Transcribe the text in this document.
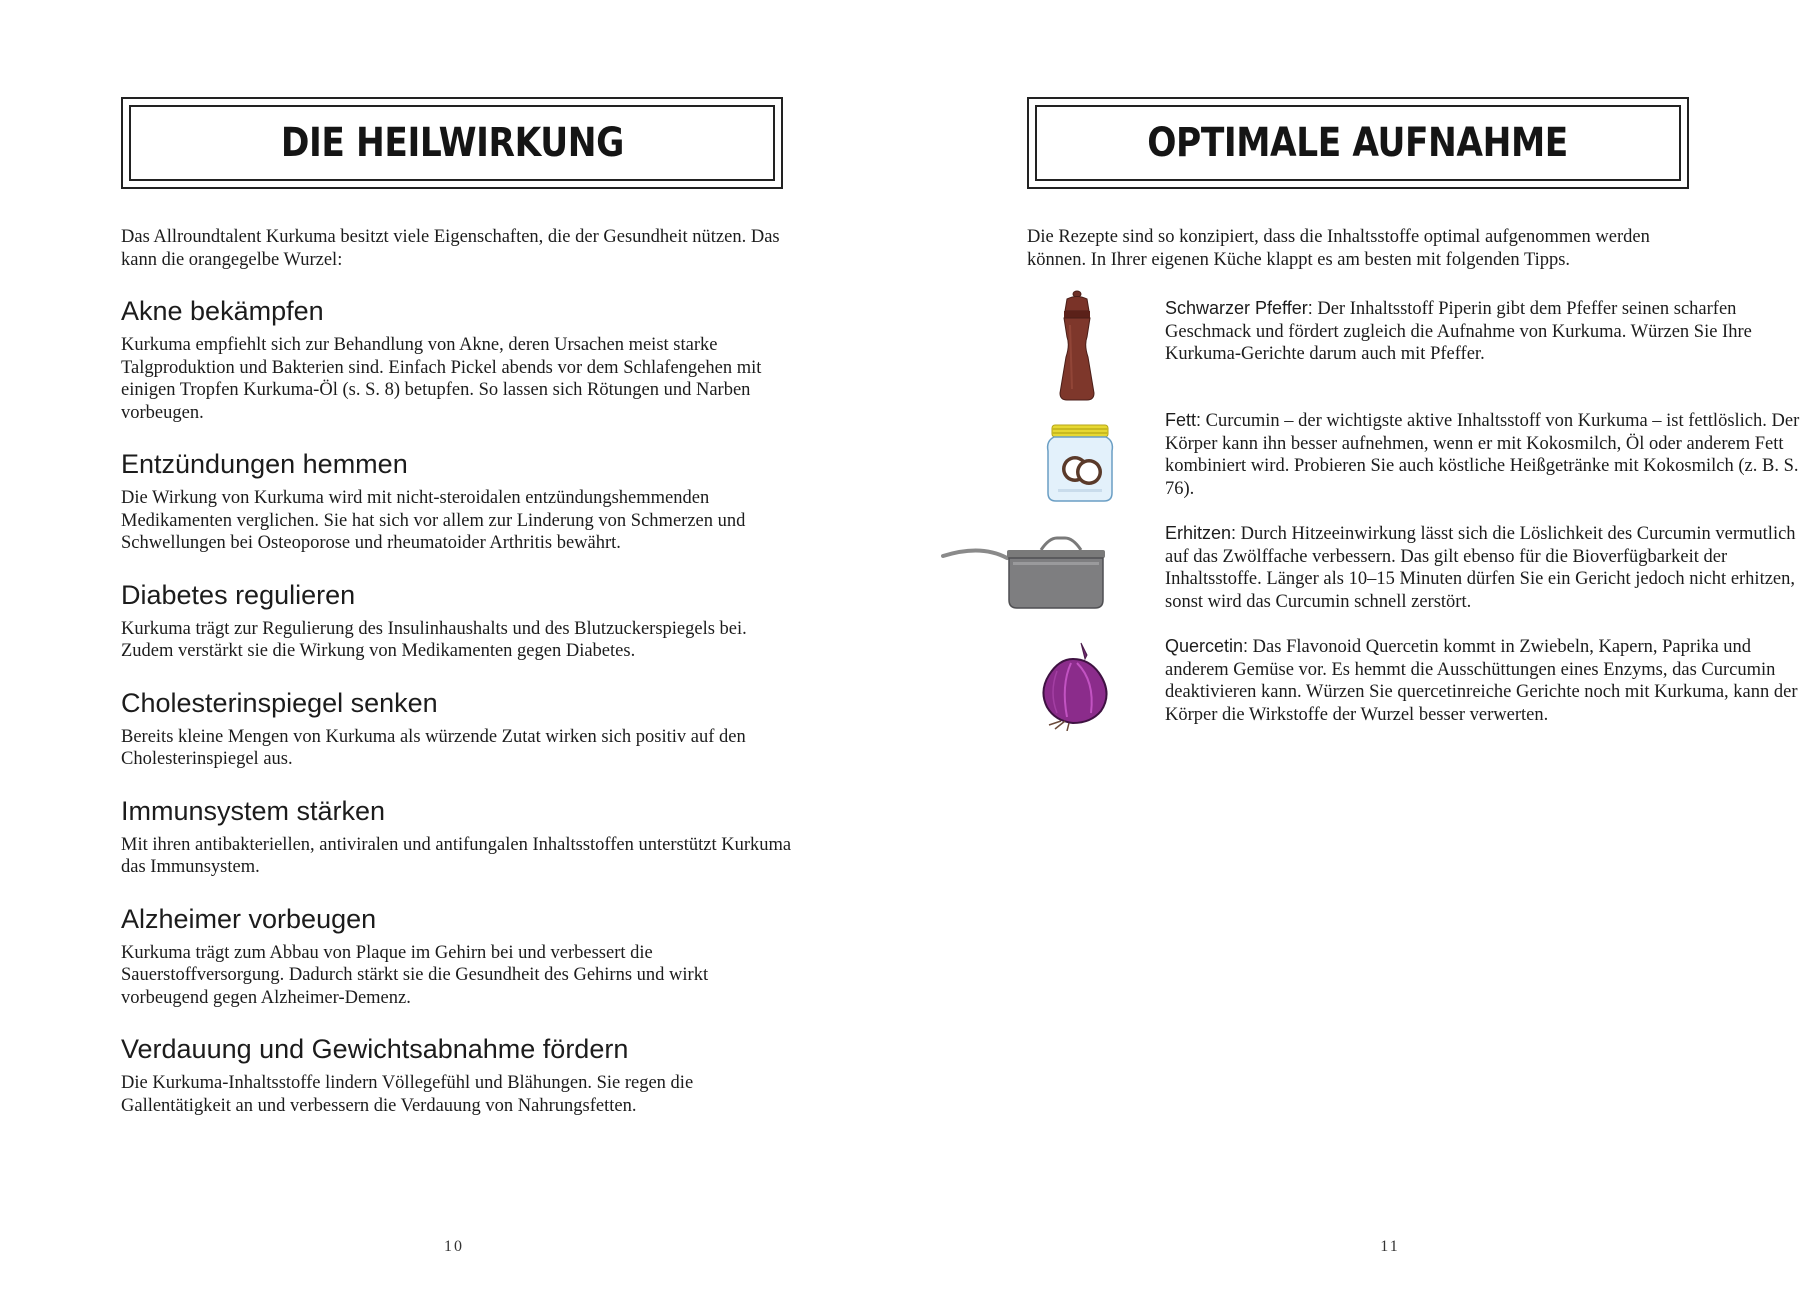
DIE HEILWIRKUNG

Das Allroundtalent Kurkuma besitzt viele Eigenschaften, die der Gesundheit nützen. Das kann die orangegelbe Wurzel:

Akne bekämpfen

Kurkuma empfiehlt sich zur Behandlung von Akne, deren Ursachen meist starke Talgproduktion und Bakterien sind. Einfach Pickel abends vor dem Schlafengehen mit einigen Tropfen Kurkuma-Öl (s. S. 8) betupfen. So lassen sich Rötungen und Narben vorbeugen.

Entzündungen hemmen

Die Wirkung von Kurkuma wird mit nicht-steroidalen entzündungshemmenden Medikamenten verglichen. Sie hat sich vor allem zur Linderung von Schmerzen und Schwellungen bei Osteoporose und rheumatoider Arthritis bewährt.

Diabetes regulieren

Kurkuma trägt zur Regulierung des Insulinhaushalts und des Blutzuckerspiegels bei. Zudem verstärkt sie die Wirkung von Medikamenten gegen Diabetes.

Cholesterinspiegel senken

Bereits kleine Mengen von Kurkuma als würzende Zutat wirken sich positiv auf den Cholesterinspiegel aus.

Immunsystem stärken

Mit ihren antibakteriellen, antiviralen und antifungalen Inhaltsstoffen unterstützt Kurkuma das Immunsystem.

Alzheimer vorbeugen

Kurkuma trägt zum Abbau von Plaque im Gehirn bei und verbessert die Sauerstoffversorgung. Dadurch stärkt sie die Gesundheit des Gehirns und wirkt vorbeugend gegen Alzheimer-Demenz.

Verdauung und Gewichtsabnahme fördern

Die Kurkuma-Inhaltsstoffe lindern Völlegefühl und Blähungen. Sie regen die Gallentätigkeit an und verbessern die Verdauung von Nahrungsfetten.

10
OPTIMALE AUFNAHME

Die Rezepte sind so konzipiert, dass die Inhaltsstoffe optimal aufgenommen werden können. In Ihrer eigenen Küche klappt es am besten mit folgenden Tipps.

Schwarzer Pfeffer: Der Inhaltsstoff Piperin gibt dem Pfeffer seinen scharfen Geschmack und fördert zugleich die Aufnahme von Kurkuma. Würzen Sie Ihre Kurkuma-Gerichte darum auch mit Pfeffer.

Fett: Curcumin – der wichtigste aktive Inhaltsstoff von Kurkuma – ist fettlöslich. Der Körper kann ihn besser aufnehmen, wenn er mit Kokosmilch, Öl oder anderem Fett kombiniert wird. Probieren Sie auch köstliche Heißgetränke mit Kokosmilch (z. B. S. 76).

Erhitzen: Durch Hitzeeinwirkung lässt sich die Löslichkeit des Curcumin vermutlich auf das Zwölffache verbessern. Das gilt ebenso für die Bioverfügbarkeit der Inhaltsstoffe. Länger als 10–15 Minuten dürfen Sie ein Gericht jedoch nicht erhitzen, sonst wird das Curcumin schnell zerstört.

Quercetin: Das Flavonoid Quercetin kommt in Zwiebeln, Kapern, Paprika und anderem Gemüse vor. Es hemmt die Ausschüttungen eines Enzyms, das Curcumin deaktivieren kann. Würzen Sie quercetinreiche Gerichte noch mit Kurkuma, kann der Körper die Wirkstoffe der Wurzel besser verwerten.

11
